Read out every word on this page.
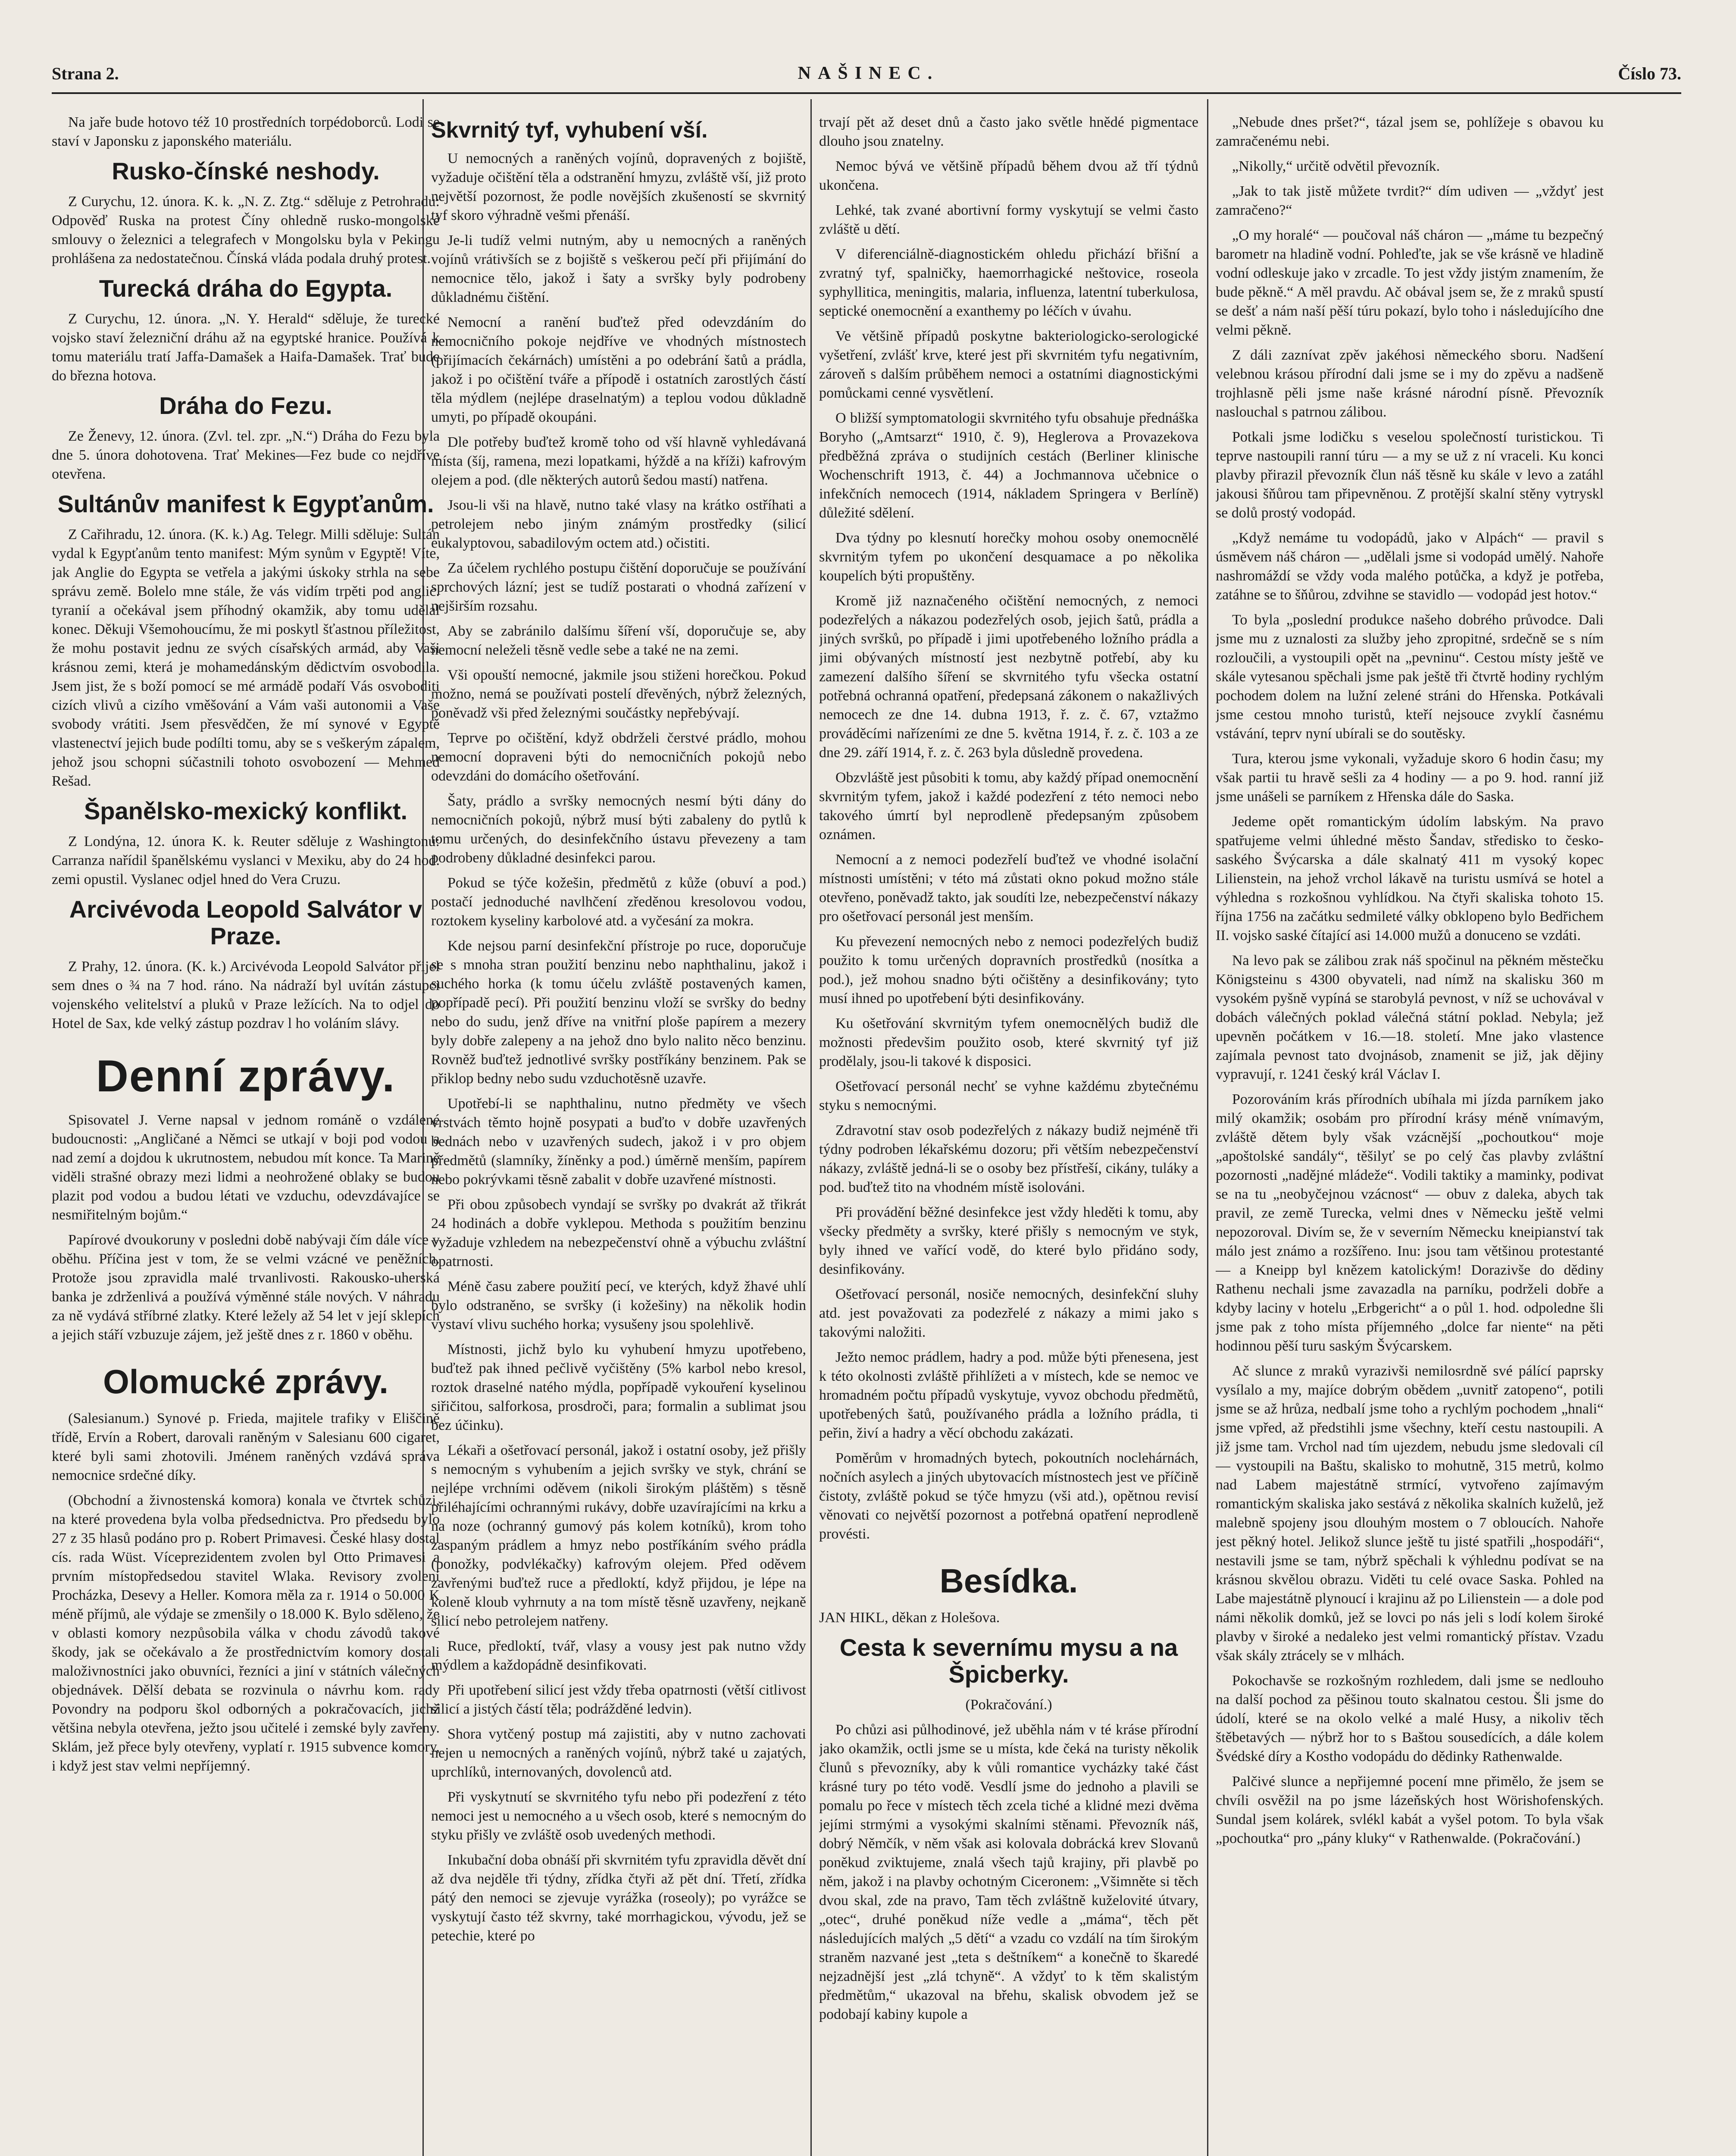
Strana 2.	NAŠINEC.	Číslo 73.

Na jaře bude hotovo též 10 prostředních torpédoborců. Lodi se staví v Japonsku z japonského materiálu.

Rusko-čínské neshody.

Z Curychu, 12. února. K. k. „N. Z. Ztg.“ sděluje z Petrohradu: Odpověď Ruska na protest Číny ohledně rusko-mongolské smlouvy o železnici a telegrafech v Mongolsku byla v Pekingu prohlášena za nedostatečnou. Čínská vláda podala druhý protest.

Turecká dráha do Egypta.

Z Curychu, 12. února. „N. Y. Herald“ sděluje, že turecké vojsko staví železniční dráhu až na egyptské hranice. Používá k tomu materiálu tratí Jaffa-Damašek a Haifa-Damašek. Trať bude do března hotova.

Dráha do Fezu.

Ze Ženevy, 12. února. (Zvl. tel. zpr. „N.“) Dráha do Fezu byla dne 5. února dohotovena. Trať Mekines—Fez bude co nejdříve otevřena.

Sultánův manifest k Egypťanům.

Z Cařihradu, 12. února. (K. k.) Ag. Telegr. Milli sděluje: Sultán vydal k Egypťanům tento manifest: Mým synům v Egyptě! Víte, jak Anglie do Egypta se vetřela a jakými úskoky strhla na sebe správu země. Bolelo mne stále, že vás vidím trpěti pod anglic. tyranií a očekával jsem příhodný okamžik, aby tomu udělal konec. Děkuji Všemohoucímu, že mi poskytl šťastnou příležitost, že mohu postavit jednu ze svých císařských armád, aby Vaši krásnou zemi, která je mohamedánským dědictvím osvobodila. Jsem jist, že s boží pomocí se mé armádě podaří Vás osvoboditi cizích vlivů a cizího vměšování a Vám vaši autonomii a Vaše svobody vrátiti. Jsem přesvědčen, že mí synové v Egyptě vlastenectví jejich bude podílti tomu, aby se s veškerým zápalem, jehož jsou schopni súčastnili tohoto osvobození — Mehmed Rešad.

Španělsko-mexický konflikt.

Z Londýna, 12. února K. k. Reuter sděluje z Washingtonu: Carranza nařídil španělskému vyslanci v Mexiku, aby do 24 hod. zemi opustil. Vyslanec odjel hned do Vera Cruzu.

Arcivévoda Leopold Salvátor v Praze.

Z Prahy, 12. února. (K. k.) Arcivévoda Leopold Salvátor přijel sem dnes o ¾ na 7 hod. ráno. Na nádraží byl uvítán zástupci vojenského velitelství a pluků v Praze ležících. Na to odjel do Hotel de Sax, kde velký zástup pozdrav l ho voláním slávy.

Denní zprávy.

Spisovatel J. Verne napsal v jednom románě o vzdálené budoucnosti: „Angličané a Němci se utkají v boji pod vodou a nad zemí a dojdou k ukrutnostem, nebudou mít konce. Ta Marině viděli strašné obrazy mezi lidmi a neohrožené oblaky se budou plazit pod vodou a budou létati ve vzduchu, odevzdávajíce se nesmiřitelným bojům.“

Papírové dvoukoruny v posledni době nabývaji čím dále více v oběhu. Příčina jest v tom, že se velmi vzácné ve peněžních. Protože jsou zpravidla malé trvanlivosti. Rakousko-uherská banka je zdrženlivá a používá výměnné stále nových. V náhradu za ně vydává stříbrné zlatky. Které ležely až 54 let v její sklepích a jejich stáří vzbuzuje zájem, jež ještě dnes z r. 1860 v oběhu.

Olomucké zprávy.

(Salesianum.) Synové p. Frieda, majitele trafiky v Eliščině třídě, Ervín a Robert, darovali raněným v Salesianu 600 cigaret, které byli sami zhotovili. Jménem raněných vzdává správa nemocnice srdečné díky.

(Obchodní a živnostenská komora) konala ve čtvrtek schůzi, na které provedena byla volba předsednictva. Pro předsedu bylo 27 z 35 hlasů podáno pro p. Robert Primavesi. České hlasy dostal cís. rada Wüst. Víceprezidentem zvolen byl Otto Primavesi a prvním místopředsedou stavitel Wlaka. Revisory zvoleni Procházka, Desevy a Heller. Komora měla za r. 1914 o 50.000 K méně příjmů, ale výdaje se zmenšily o 18.000 K. Bylo sděleno, že v oblasti komory nezpůsobila válka v chodu závodů takové škody, jak se očekávalo a že prostřednictvím komory dostali maloživnostníci jako obuvníci, řezníci a jiní v státních válečných objednávek. Dělší debata se rozvinula o návrhu kom. rady Povondry na podporu škol odborných a pokračovacích, jichž většina nebyla otevřena, ježto jsou učitelé i zemské byly zavřeny. Sklám, jež přece byly otevřeny, vyplatí r. 1915 subvence komory, i když jest stav velmi nepříjemný.

Skvrnitý tyf, vyhubení vší.

U nemocných a raněných vojínů, dopravených z bojiště, vyžaduje očištění těla a odstranění hmyzu, zvláště vší, již proto největší pozornost, že podle novějších zkušeností se skvrnitý tyf skoro výhradně vešmi přenáší.

Je-li tudíž velmi nutným, aby u nemocných a raněných vojínů vrátivších se z bojiště s veškerou pečí při přijímání do nemocnice tělo, jakož i šaty a svršky byly podrobeny důkladnému čištění.

Nemocní a ranění buďtež před odevzdáním do nemocničního pokoje nejdříve ve vhodných místnostech (přijímacích čekárnách) umístěni a po odebrání šatů a prádla, jakož i po očištění tváře a přípodě i ostatních zarostlých částí těla mýdlem (nejlépe draselnatým) a teplou vodou důkladně umyti, po případě okoupáni.

Dle potřeby buďtež kromě toho od vší hlavně vyhledávaná místa (šíj, ramena, mezi lopatkami, hýždě a na kříži) kafrovým olejem a pod. (dle některých autorů šedou mastí) natřena.

Jsou-li vši na hlavě, nutno také vlasy na krátko ostříhati a petrolejem nebo jiným známým prostředky (silicí eukalyptovou, sabadilovým octem atd.) očistiti.

Za účelem rychlého postupu čištění doporučuje se používání sprchových lázní; jest se tudíž postarati o vhodná zařízení v nejširším rozsahu.

Aby se zabránilo dalšímu šíření vší, doporučuje se, aby nemocní neleželi těsně vedle sebe a také ne na zemi.

Vši opouští nemocné, jakmile jsou stiženi horečkou. Pokud možno, nemá se používati postelí dřevěných, nýbrž železných, poněvadž vši před železnými součástky nepřebývají.

Teprve po očištění, když obdrželi čerstvé prádlo, mohou nemocní dopraveni býti do nemocničních pokojů nebo odevzdáni do domácího ošetřování.

Šaty, prádlo a svršky nemocných nesmí býti dány do nemocničních pokojů, nýbrž musí býti zabaleny do pytlů k tomu určených, do desinfekčního ústavu převezeny a tam podrobeny důkladné desinfekci parou.

Pokud se týče kožešin, předmětů z kůže (obuví a pod.) postačí jednoduché navlhčení zředěnou kresolovou vodou, roztokem kyseliny karbolové atd. a vyčesání za mokra.

Kde nejsou parní desinfekční přístroje po ruce, doporučuje se s mnoha stran použití benzinu nebo naphthalinu, jakož i suchého horka (k tomu účelu zvláště postavených kamen, popřípadě pecí). Při použití benzinu vloží se svršky do bedny nebo do sudu, jenž dříve na vnitřní ploše papírem a mezery byly dobře zalepeny a na jehož dno bylo nalito něco benzinu. Rovněž buďtež jednotlivé svršky postříkány benzinem. Pak se přiklop bedny nebo sudu vzduchotěsně uzavře.

Upotřebí-li se naphthalinu, nutno předměty ve všech vrstvách těmto hojně posypati a buďto v dobře uzavřených bednách nebo v uzavřených sudech, jakož i v pro objem předmětů (slamníky, žíněnky a pod.) úměrně menším, papírem nebo pokrývkami těsně zabalit v dobře uzavřené místnosti.

Při obou způsobech vyndají se svršky po dvakrát až třikrát 24 hodinách a dobře vyklepou. Methoda s použitím benzinu vyžaduje vzhledem na nebezpečenství ohně a výbuchu zvláštní opatrnosti.

Méně času zabere použití pecí, ve kterých, když žhavé uhlí bylo odstraněno, se svršky (i kožešiny) na několik hodin vystaví vlivu suchého horka; vysušeny jsou spolehlivě.

Místnosti, jichž bylo ku vyhubení hmyzu upotřebeno, buďtež pak ihned pečlivě vyčištěny (5% karbol nebo kresol, roztok draselné natého mýdla, popřípadě vykouření kyselinou siřičitou, salforkosa, prosdroči, para; formalin a sublimat jsou bez účinku).

Lékaři a ošetřovací personál, jakož i ostatní osoby, jež přišly s nemocným s vyhubením a jejich svršky ve styk, chrání se nejlépe vrchními oděvem (nikoli širokým pláštěm) s těsně přiléhajícími ochrannými rukávy, dobře uzavírajícími na krku a na noze (ochranný gumový pás kolem kotníků), krom toho zaspaným prádlem a hmyz nebo postříkáním svého prádla (ponožky, podvlékačky) kafrovým olejem. Před oděvem zavřenými buďtež ruce a předloktí, když přijdou, je lépe na koleně kloub vyhrnuty a na tom místě těsně uzavřeny, nejkaně silicí nebo petrolejem natřeny.

Ruce, předloktí, tvář, vlasy a vousy jest pak nutno vždy mýdlem a každopádně desinfikovati.

Při upotřebení silicí jest vždy třeba opatrnosti (větší citlivost silicí a jistých částí těla; podrážděné ledvin).

Shora vytčený postup má zajistiti, aby v nutno zachovati nejen u nemocných a raněných vojínů, nýbrž také u zajatých, uprchlíků, internovaných, dovolenců atd.

Při vyskytnutí se skvrnitého tyfu nebo při podezření z této nemoci jest u nemocného a u všech osob, které s nemocným do styku přišly ve zvláště osob uvedených methodi.

Inkubační doba obnáší při skvrnitém tyfu zpravidla děvět dní až dva nejděle tři týdny, zřídka čtyři až pět dní. Třetí, zřídka pátý den nemoci se zjevuje vyrážka (roseoly); po vyrážce se vyskytují často též skvrny, také morrhagickou, vývodu, jež se petechie, které po

trvají pět až deset dnů a často jako světle hnědé pigmentace dlouho jsou znatelny.

Nemoc bývá ve většině případů během dvou až tří týdnů ukončena.

Lehké, tak zvané abortivní formy vyskytují se velmi často zvláště u dětí.

V diferenciálně-diagnostickém ohledu přichází břišní a zvratný tyf, spalničky, haemorrhagické neštovice, roseola syphyllitica, meningitis, malaria, influenza, latentní tuberkulosa, septické onemocnění a exanthemy po léčích v úvahu.

Ve většině případů poskytne bakteriologicko-serologické vyšetření, zvlášť krve, které jest při skvrnitém tyfu negativním, zároveň s dalším průběhem nemoci a ostatními diagnostickými pomůckami cenné vysvětlení.

O bližší symptomatologii skvrnitého tyfu obsahuje přednáška Boryho („Amtsarzt“ 1910, č. 9), Heglerova a Provazekova předběžná zpráva o studijních cestách (Berliner klinische Wochenschrift 1913, č. 44) a Jochmannova učebnice o infekčních nemocech (1914, nákladem Springera v Berlíně) důležité sdělení.

Dva týdny po klesnutí horečky mohou osoby onemocnělé skvrnitým tyfem po ukončení desquamace a po několika koupelích býti propuštěny.

Kromě již naznačeného očištění nemocných, z nemoci podezřelých a nákazou podezřelých osob, jejich šatů, prádla a jiných svršků, po případě i jimi upotřebeného ložního prádla a jimi obývaných místností jest nezbytně potřebí, aby ku zamezení dalšího šíření se skvrnitého tyfu všecka ostatní potřebná ochranná opatření, předepsaná zákonem o nakažlivých nemocech ze dne 14. dubna 1913, ř. z. č. 67, vztažmo prováděcími nařízeními ze dne 5. května 1914, ř. z. č. 103 a ze dne 29. září 1914, ř. z. č. 263 byla důsledně provedena.

Obzvláště jest působiti k tomu, aby každý případ onemocnění skvrnitým tyfem, jakož i každé podezření z této nemoci nebo takového úmrtí byl neprodleně předepsaným způsobem oznámen.

Nemocní a z nemoci podezřelí buďtež ve vhodné isolační místnosti umístěni; v této má zůstati okno pokud možno stále otevřeno, poněvadž takto, jak soudíti lze, nebezpečenství nákazy pro ošetřovací personál jest menším.

Ku převezení nemocných nebo z nemoci podezřelých budiž použito k tomu určených dopravních prostředků (nosítka a pod.), jež mohou snadno býti očištěny a desinfikovány; tyto musí ihned po upotřebení býti desinfikovány.

Ku ošetřování skvrnitým tyfem onemocnělých budiž dle možnosti předevšim použito osob, které skvrnitý tyf již prodělaly, jsou-li takové k disposici.

Ošetřovací personál nechť se vyhne každému zbytečnému styku s nemocnými.

Zdravotní stav osob podezřelých z nákazy budiž nejméně tři týdny podroben lékařskému dozoru; při větším nebezpečenství nákazy, zvláště jedná-li se o osoby bez přístřeší, cikány, tuláky a pod. buďtež tito na vhodném místě isolováni.

Při provádění běžné desinfekce jest vždy hleděti k tomu, aby všecky předměty a svršky, které přišly s nemocným ve styk, byly ihned ve vařící vodě, do které bylo přidáno sody, desinfikovány.

Ošetřovací personál, nosiče nemocných, desinfekční sluhy atd. jest považovati za podezřelé z nákazy a mimi jako s takovými naložiti.

Ježto nemoc prádlem, hadry a pod. může býti přenesena, jest k této okolnosti zvláště přihlížeti a v místech, kde se nemoc ve hromadném počtu případů vyskytuje, vyvoz obchodu předmětů, upotřebených šatů, používaného prádla a ložního prádla, ti peřin, živí a hadry a věcí obchodu zakázati.

Poměrům v hromadných bytech, pokoutních noclehárnách, nočních asylech a jiných ubytovacích místnostech jest ve příčině čistoty, zvláště pokud se týče hmyzu (vši atd.), opětnou revisí věnovati co největší pozornost a potřebná opatření neprodleně provésti.

Besídka.

JAN HIKL, děkan z Holešova.

Cesta k severnímu mysu a na Špicberky.

(Pokračování.)

Po chůzi asi půlhodinové, jež uběhla nám v té kráse přírodní jako okamžik, octli jsme se u místa, kde čeká na turisty několik člunů s převozníky, aby k vůli romantice vycházky také část krásné tury po této vodě. Vesdlí jsme do jednoho a plavili se pomalu po řece v místech těch zcela tiché a klidné mezi dvěma jejími strmými a vysokými skalními stěnami. Převozník náš, dobrý Němčík, v něm však asi kolovala dobrácká krev Slovanů poněkud zviktujeme, znalá všech tajů krajiny, při plavbě po něm, jakož i na plavby ochotným Ciceronem: „Všimněte si těch dvou skal, zde na pravo, Tam těch zvláštně kuželovité útvary, „otec“, druhé poněkud níže vedle a „máma“, těch pět následujících malých „5 dětí“ a vzadu co vzdálí na tím širokým straněm nazvané jest „teta s deštníkem“ a konečně to škaredé nejzadnější jest „zlá tchyně“. A vždyť to k těm skalistým předmětům,“ ukazoval na břehu, skalisk obvodem jež se podobají kabiny kupole a

„Nebude dnes pršet?“, tázal jsem se, pohlížeje s obavou ku zamračenému nebi.

„Nikolly,“ určitě odvětil převozník.

„Jak to tak jistě můžete tvrdit?“ dím udiven — „vždyť jest zamračeno?“

„O my horalé“ — poučoval náš cháron — „máme tu bezpečný barometr na hladině vodní. Pohleďte, jak se vše krásně ve hladině vodní odleskuje jako v zrcadle. To jest vždy jistým znamením, že bude pěkně.“ A měl pravdu. Ač obával jsem se, že z mraků spustí se dešť a nám naší pěší túru pokazí, bylo toho i následujícího dne velmi pěkně.

Z dáli zaznívat zpěv jakéhosi německého sboru. Nadšení velebnou krásou přírodní dali jsme se i my do zpěvu a nadšeně trojhlasně pěli jsme naše krásné národní písně. Převozník naslouchal s patrnou zálibou.

Potkali jsme lodičku s veselou společností turistickou. Ti teprve nastoupili ranní túru — a my se už z ní vraceli. Ku konci plavby přirazil převozník člun náš těsně ku skále v levo a zatáhl jakousi šňůrou tam připevněnou. Z protější skalní stěny vytryskl se dolů prostý vodopád.

„Když nemáme tu vodopádů, jako v Alpách“ — pravil s úsměvem náš cháron — „udělali jsme si vodopád umělý. Nahoře nashromáždí se vždy voda malého potůčka, a když je potřeba, zatáhne se to šňůrou, zdvihne se stavidlo — vodopád jest hotov.“

To byla „poslední produkce našeho dobrého průvodce. Dali jsme mu z uznalosti za služby jeho zpropitné, srdečně se s ním rozloučili, a vystoupili opět na „pevninu“. Cestou místy ještě ve skále vytesanou spěchali jsme pak ještě tři čtvrtě hodiny rychlým pochodem dolem na lužní zelené stráni do Hřenska. Potkávali jsme cestou mnoho turistů, kteří nejsouce zvyklí časnému vstávání, teprv nyní ubírali se do soutěsky.

Tura, kterou jsme vykonali, vyžaduje skoro 6 hodin času; my však partii tu hravě sešli za 4 hodiny — a po 9. hod. ranní již jsme unášeli se parníkem z Hřenska dále do Saska.

Jedeme opět romantickým údolím labským. Na pravo spatřujeme velmi úhledné město Šandav, středisko to česko-saského Švýcarska a dále skalnatý 411 m vysoký kopec Lilienstein, na jehož vrchol lákavě na turistu usmívá se hotel a výhledna s rozkošnou vyhlídkou. Na čtyři skaliska tohoto 15. října 1756 na začátku sedmileté války obklopeno bylo Bedřichem II. vojsko saské čítající asi 14.000 mužů a donuceno se vzdáti.

Na levo pak se zálibou zrak náš spočinul na pěkném městečku Königsteinu s 4300 obyvateli, nad nímž na skalisku 360 m vysokém pyšně vypíná se starobylá pevnost, v níž se uchovával v dobách válečných poklad válečná státní poklad. Nebyla; jež upevněn počátkem v 16.—18. století. Mne jako vlastence zajímala pevnost tato dvojnásob, znamenit se již, jak dějiny vypravují, r. 1241 český král Václav I.

Pozorováním krás přírodních ubíhala mi jízda parníkem jako milý okamžik; osobám pro přírodní krásy méně vnímavým, zvláště dětem byly však vzácnější „pochoutkou“ moje „apoštolské sandály“, těšilyť se po celý čas plavby zvláštní pozornosti „nadějné mládeže“. Vodili taktiky a maminky, podivat se na tu „neobyčejnou vzácnost“ — obuv z daleka, abych tak pravil, ze země Turecka, velmi dnes v Německu ještě velmi nepozoroval. Divím se, že v severním Německu kneipianství tak málo jest známo a rozšířeno. Inu: jsou tam většinou protestanté — a Kneipp byl knězem katolickým! Dorazivše do dědiny Rathenu nechali jsme zavazadla na parníku, podrželi dobře a kdyby laciny v hotelu „Erbgericht“ a o půl 1. hod. odpoledne šli jsme pak z toho místa příjemného „dolce far niente“ na pěti hodinnou pěší turu saským Švýcarskem.

Ač slunce z mraků vyrazivši nemilosrdně své pálící paprsky vysílalo a my, majíce dobrým obědem „uvnitř zatopeno“, potili jsme se až hrůza, nedbalí jsme toho a rychlým pochodem „hnali“ jsme vpřed, až předstihli jsme všechny, kteří cestu nastoupili. A již jsme tam. Vrchol nad tím ujezdem, nebudu jsme sledovali cíl — vystoupili na Baštu, skalisko to mohutně, 315 metrů, kolmo nad Labem majestátně strmící, vytvořeno zajímavým romantickým skaliska jako sestává z několika skalních kuželů, jež malebně spojeny jsou dlouhým mostem o 7 obloucích. Nahoře jest pěkný hotel. Jelikož slunce ještě tu jisté spatřili „hospodáři“, nestavili jsme se tam, nýbrž spěchali k výhlednu podívat se na krásnou skvělou obrazu. Viděti tu celé ovace Saska. Pohled na Labe majestátně plynoucí i krajinu až po Lilienstein — a dole pod námi několik domků, jež se lovci po nás jeli s lodí kolem široké plavby v široké a nedaleko jest velmi romantický přístav. Vzadu však skály ztrácely se v mlhách.

Pokochavše se rozkošným rozhledem, dali jsme se nedlouho na další pochod za pěšinou touto skalnatou cestou. Šli jsme do údolí, které se na okolo velké a malé Husy, a nikoliv těch štěbetavých — nýbrž hor to s Baštou sousedících, a dále kolem Švédské díry a Kostho vodopádu do dědinky Rathenwalde.

Palčivé slunce a nepřijemné pocení mne přimělo, že jsem se chvíli osvěžil na po jsme lázeňských host Wörishofenských. Sundal jsem kolárek, svlékl kabát a vyšel potom. To byla však „pochoutka“ pro „pány kluky“ v Rathenwalde. (Pokračování.)
